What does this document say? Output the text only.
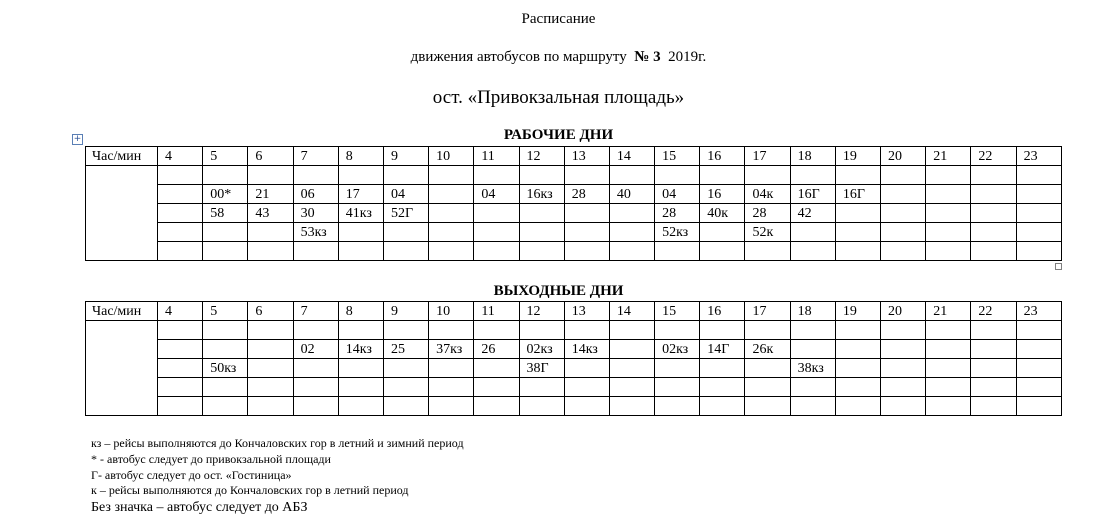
Расписание
движения автобусов по маршруту № 3 2019г.
ост. «Привокзальная площадь»
+	РАБОЧИЕ ДНИ
Час/мин	4	5	6	7	8	9	10	11	12	13	14	15	16	17	18	19	20	21	22	23

		00*	21	06	17	04		04	16кз	28	40	04	16	04к	16Г	16Г				
		58	43	30	41кз	52Г						28	40к	28	42					
				53кз								52кз		52к						

ВЫХОДНЫЕ ДНИ
Час/мин	4	5	6	7	8	9	10	11	12	13	14	15	16	17	18	19	20	21	22	23

				02	14кз	25	37кз	26	02кз	14кз		02кз	14Г	26к						
		50кз							38Г						38кз					

кз – рейсы выполняются до Кончаловских гор в летний и зимний период
* - автобус следует до привокзальной площади
Г- автобус следует до ост. «Гостиница»
к – рейсы выполняются до Кончаловских гор в летний период
Без значка – автобус следует до АБЗ
